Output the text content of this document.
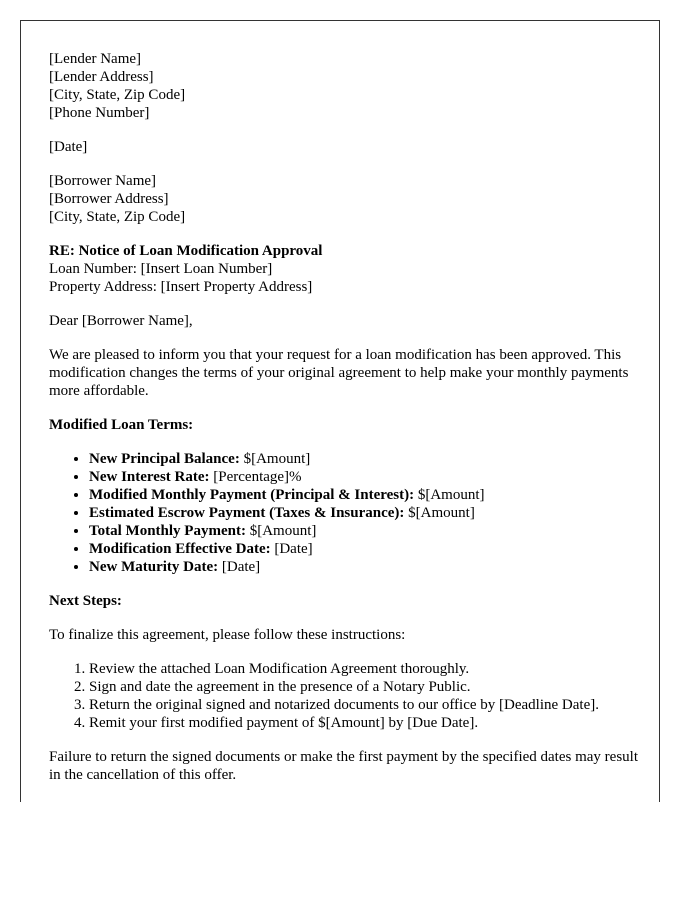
[Lender Name]
[Lender Address]
[City, State, Zip Code]
[Phone Number]
[Date]
[Borrower Name]
[Borrower Address]
[City, State, Zip Code]
RE: Notice of Loan Modification Approval
Loan Number: [Insert Loan Number]
Property Address: [Insert Property Address]

Dear [Borrower Name],

We are pleased to inform you that your request for a loan modification has been approved. This modification changes the terms of your original agreement to help make your monthly payments more affordable.

Modified Loan Terms:

• New Principal Balance: $[Amount]
• New Interest Rate: [Percentage]%
• Modified Monthly Payment (Principal & Interest): $[Amount]
• Estimated Escrow Payment (Taxes & Insurance): $[Amount]
• Total Monthly Payment: $[Amount]
• Modification Effective Date: [Date]
• New Maturity Date: [Date]

Next Steps:

To finalize this agreement, please follow these instructions:

1. Review the attached Loan Modification Agreement thoroughly.
2. Sign and date the agreement in the presence of a Notary Public.
3. Return the original signed and notarized documents to our office by [Deadline Date].
4. Remit your first modified payment of $[Amount] by [Due Date].

Failure to return the signed documents or make the first payment by the specified dates may result in the cancellation of this offer.
